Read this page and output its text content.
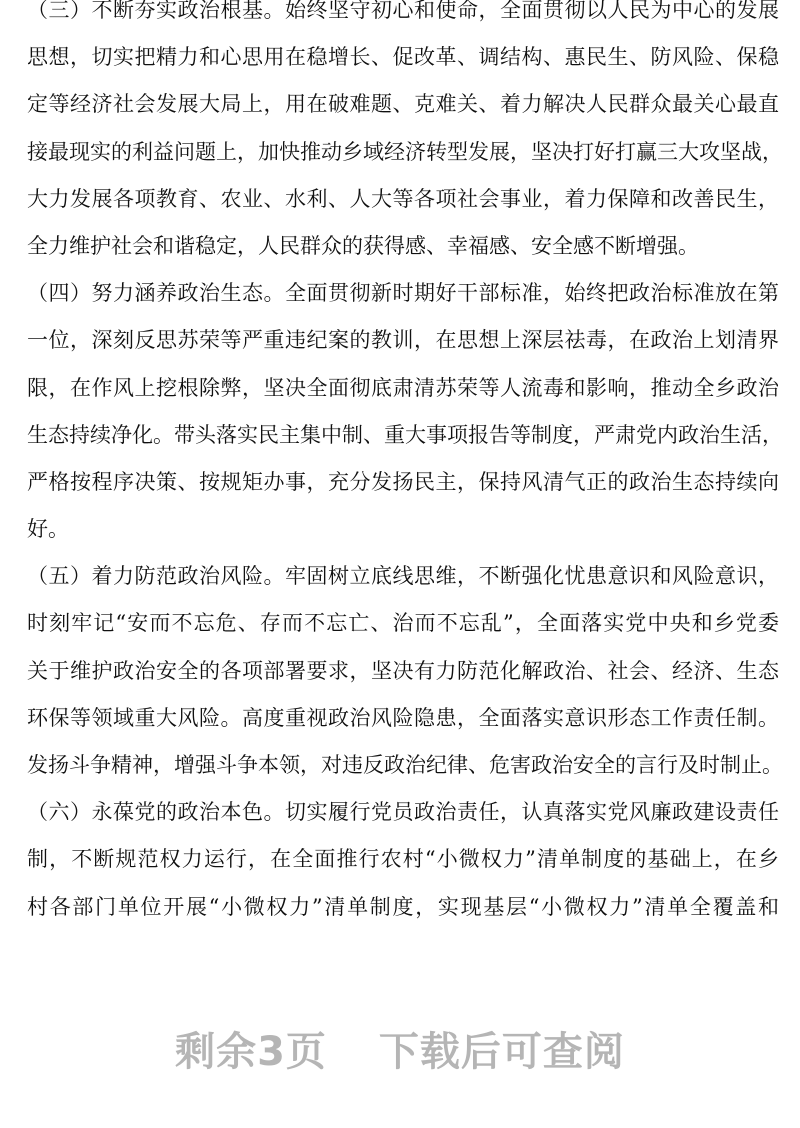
（三）不断夯实政治根基。始终坚守初心和使命，全面贯彻以人民为中心的发展
思想，切实把精力和心思用在稳增长、促改革、调结构、惠民生、防风险、保稳
定等经济社会发展大局上，用在破难题、克难关、着力解决人民群众最关心最直
接最现实的利益问题上，加快推动乡域经济转型发展，坚决打好打赢三大攻坚战，
大力发展各项教育、农业、水利、人大等各项社会事业，着力保障和改善民生，
全力维护社会和谐稳定，人民群众的获得感、幸福感、安全感不断增强。
（四）努力涵养政治生态。全面贯彻新时期好干部标准，始终把政治标准放在第
一位，深刻反思苏荣等严重违纪案的教训，在思想上深层祛毒，在政治上划清界
限，在作风上挖根除弊，坚决全面彻底肃清苏荣等人流毒和影响，推动全乡政治
生态持续净化。带头落实民主集中制、重大事项报告等制度，严肃党内政治生活，
严格按程序决策、按规矩办事，充分发扬民主，保持风清气正的政治生态持续向
好。
（五）着力防范政治风险。牢固树立底线思维，不断强化忧患意识和风险意识，
时刻牢记“安而不忘危、存而不忘亡、治而不忘乱”，全面落实党中央和乡党委
关于维护政治安全的各项部署要求，坚决有力防范化解政治、社会、经济、生态
环保等领域重大风险。高度重视政治风险隐患，全面落实意识形态工作责任制。
发扬斗争精神，增强斗争本领，对违反政治纪律、危害政治安全的言行及时制止。
（六）永葆党的政治本色。切实履行党员政治责任，认真落实党风廉政建设责任
制，不断规范权力运行，在全面推行农村“小微权力”清单制度的基础上，在乡
村各部门单位开展“小微权力”清单制度，实现基层“小微权力”清单全覆盖和
剩余3页 下载后可查阅
